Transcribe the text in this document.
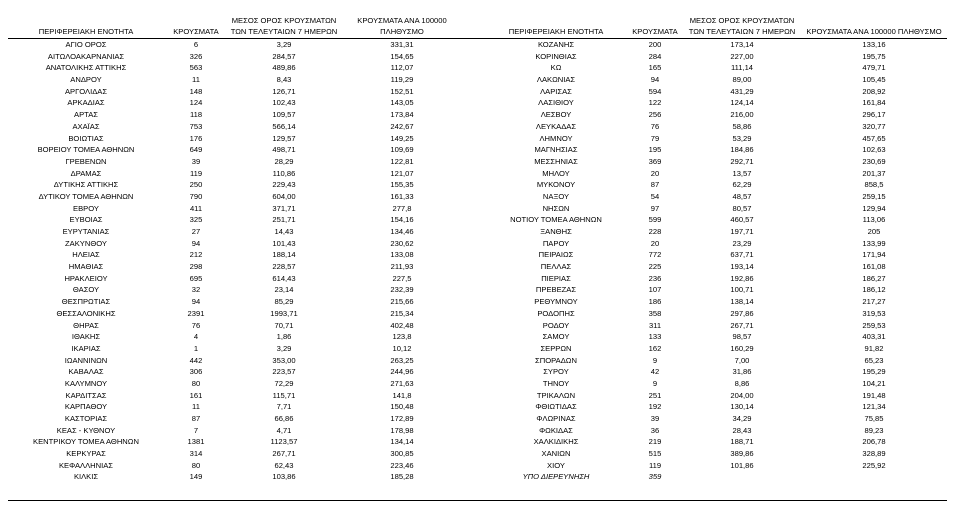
ΠΕΡΙΦΕΡΕΙΑΚΗ ΕΝΟΤΗΤΑ	ΚΡΟΥΣΜΑΤΑ
ΜΕΣΟΣ ΟΡΟΣ ΚΡΟΥΣΜΑΤΩΝ ΤΩΝ ΤΕΛΕΥΤΑΙΩΝ 7 ΗΜΕΡΩΝ
ΚΡΟΥΣΜΑΤΑ ΑΝΑ 100000 ΠΛΗΘΥΣΜΟ
ΑΓΙΟ ΟΡΟΣ	6	3,29	331,31
ΑΙΤΩΛΟΑΚΑΡΝΑΝΙΑΣ	326	284,57	154,65
ΑΝΑΤΟΛΙΚΗΣ ΑΤΤΙΚΗΣ	563	489,86	112,07
ΑΝΔΡΟΥ	11	8,43	119,29
ΑΡΓΟΛΙΔΑΣ	148	126,71	152,51
ΑΡΚΑΔΙΑΣ	124	102,43	143,05
ΑΡΤΑΣ	118	109,57	173,84
ΑΧΑΪΑΣ	753	566,14	242,67
ΒΟΙΩΤΙΑΣ	176	129,57	149,25
ΒΟΡΕΙΟΥ ΤΟΜΕΑ ΑΘΗΝΩΝ	649	498,71	109,69
ΓΡΕΒΕΝΩΝ	39	28,29	122,81
ΔΡΑΜΑΣ	119	110,86	121,07
ΔΥΤΙΚΗΣ ΑΤΤΙΚΗΣ	250	229,43	155,35
ΔΥΤΙΚΟΥ ΤΟΜΕΑ ΑΘΗΝΩΝ	790	604,00	161,33
ΕΒΡΟΥ	411	371,71	277,8
ΕΥΒΟΙΑΣ	325	251,71	154,16
ΕΥΡΥΤΑΝΙΑΣ	27	14,43	134,46
ΖΑΚΥΝΘΟΥ	94	101,43	230,62
ΗΛΕΙΑΣ	212	188,14	133,08
ΗΜΑΘΙΑΣ	298	228,57	211,93
ΗΡΑΚΛΕΙΟΥ	695	614,43	227,5
ΘΑΣΟΥ	32	23,14	232,39
ΘΕΣΠΡΩΤΙΑΣ	94	85,29	215,66
ΘΕΣΣΑΛΟΝΙΚΗΣ	2391	1993,71	215,34
ΘΗΡΑΣ	76	70,71	402,48
ΙΘΑΚΗΣ	4	1,86	123,8
ΙΚΑΡΙΑΣ	1	3,29	10,12
ΙΩΑΝΝΙΝΩΝ	442	353,00	263,25
ΚΑΒΑΛΑΣ	306	223,57	244,96
ΚΑΛΥΜΝΟΥ	80	72,29	271,63
ΚΑΡΔΙΤΣΑΣ	161	115,71	141,8
ΚΑΡΠΑΘΟΥ	11	7,71	150,48
ΚΑΣΤΟΡΙΑΣ	87	66,86	172,89
ΚΕΑΣ - ΚΥΘΝΟΥ	7	4,71	178,98
ΚΕΝΤΡΙΚΟΥ ΤΟΜΕΑ ΑΘΗΝΩΝ	1381	1123,57	134,14
ΚΕΡΚΥΡΑΣ	314	267,71	300,85
ΚΕΦΑΛΛΗΝΙΑΣ	80	62,43	223,46
ΚΙΛΚΙΣ	149	103,86	185,28
ΠΕΡΙΦΕΡΕΙΑΚΗ ΕΝΟΤΗΤΑ	ΚΡΟΥΣΜΑΤΑ
ΜΕΣΟΣ ΟΡΟΣ ΚΡΟΥΣΜΑΤΩΝ ΤΩΝ ΤΕΛΕΥΤΑΙΩΝ 7 ΗΜΕΡΩΝ	ΚΡΟΥΣΜΑΤΑ ΑΝΑ 100000 ΠΛΗΘΥΣΜΟ
ΚΟΖΑΝΗΣ	200	173,14	133,16
ΚΟΡΙΝΘΙΑΣ	284	227,00	195,75
ΚΩ	165	111,14	479,71
ΛΑΚΩΝΙΑΣ	94	89,00	105,45
ΛΑΡΙΣΑΣ	594	431,29	208,92
ΛΑΣΙΘΙΟΥ	122	124,14	161,84
ΛΕΣΒΟΥ	256	216,00	296,17
ΛΕΥΚΑΔΑΣ	76	58,86	320,77
ΛΗΜΝΟΥ	79	53,29	457,65
ΜΑΓΝΗΣΙΑΣ	195	184,86	102,63
ΜΕΣΣΗΝΙΑΣ	369	292,71	230,69
ΜΗΛΟΥ	20	13,57	201,37
ΜΥΚΟΝΟΥ	87	62,29	858,5
ΝΑΞΟΥ	54	48,57	259,15
ΝΗΣΩΝ	97	80,57	129,94
ΝΟΤΙΟΥ ΤΟΜΕΑ ΑΘΗΝΩΝ	599	460,57	113,06
ΞΑΝΘΗΣ	228	197,71	205
ΠΑΡΟΥ	20	23,29	133,99
ΠΕΙΡΑΙΩΣ	772	637,71	171,94
ΠΕΛΛΑΣ	225	193,14	161,08
ΠΙΕΡΙΑΣ	236	192,86	186,27
ΠΡΕΒΕΖΑΣ	107	100,71	186,12
ΡΕΘΥΜΝΟΥ	186	138,14	217,27
ΡΟΔΟΠΗΣ	358	297,86	319,53
ΡΟΔΟΥ	311	267,71	259,53
ΣΑΜΟΥ	133	98,57	403,31
ΣΕΡΡΩΝ	162	160,29	91,82
ΣΠΟΡΑΔΩΝ	9	7,00	65,23
ΣΥΡΟΥ	42	31,86	195,29
ΤΗΝΟΥ	9	8,86	104,21
ΤΡΙΚΑΛΩΝ	251	204,00	191,48
ΦΘΙΩΤΙΔΑΣ	192	130,14	121,34
ΦΛΩΡΙΝΑΣ	39	34,29	75,85
ΦΩΚΙΔΑΣ	36	28,43	89,23
ΧΑΛΚΙΔΙΚΗΣ	219	188,71	206,78
ΧΑΝΙΩΝ	515	389,86	328,89
ΧΙΟΥ	119	101,86	225,92
ΥΠΟ ΔΙΕΡΕΥΝΗΣΗ	359
